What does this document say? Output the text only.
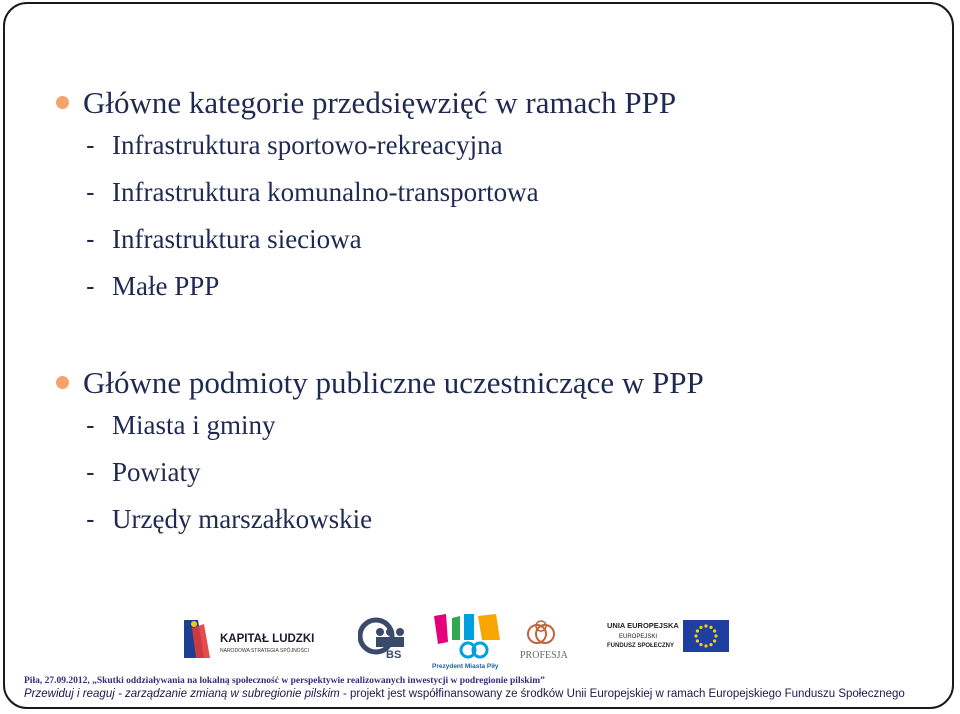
Główne kategorie przedsięwzięć w ramach PPP
- Infrastruktura sportowo-rekreacyjna
- Infrastruktura komunalno-transportowa
- Infrastruktura sieciowa
- Małe PPP
Główne podmioty publiczne uczestniczące w PPP
- Miasta i gminy
- Powiaty
- Urzędy marszałkowskie
KAPITAŁ LUDZKI
NARODOWA STRATEGIA SPÓJNOŚCI	BS
Prezydent Miasta Piły
PROFESJA
UNIA EUROPEJSKA
EUROPEJSKI
FUNDUSZ SPOŁECZNY
Piła, 27.09.2012, „Skutki oddziaływania na lokalną społeczność w perspektywie realizowanych inwestycji w podregionie pilskim”
Przewiduj i reaguj - zarządzanie zmianą w subregionie pilskim - projekt jest współfinansowany ze środków Unii Europejskiej w ramach Europejskiego Funduszu Społecznego
